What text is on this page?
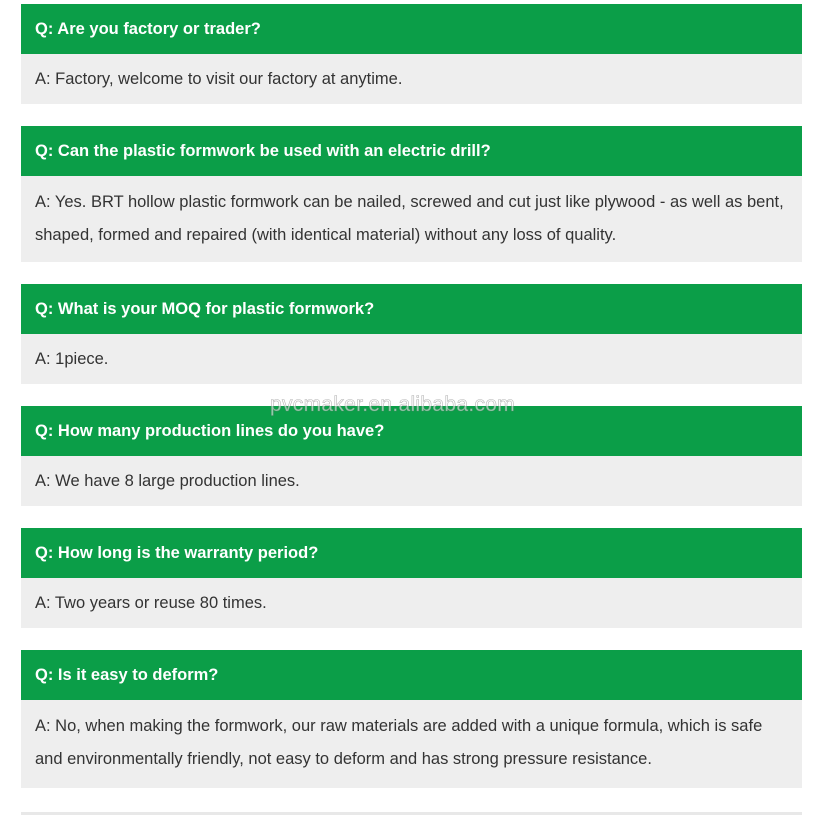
Q: Are you factory or trader?
A: Factory, welcome to visit our factory at anytime.
Q: Can the plastic formwork be used with an electric drill?
A: Yes. BRT hollow plastic formwork can be nailed, screwed and cut just like plywood - as well as bent, shaped, formed and repaired (with identical material) without any loss of quality.
Q: What is your MOQ for plastic formwork?
A: 1piece.
Q: How many production lines do you have?
A: We have 8 large production lines.
Q: How long is the warranty period?
A: Two years or reuse 80 times.
Q: Is it easy to deform?
A: No, when making the formwork, our raw materials are added with a unique formula, which is safe and environmentally friendly, not easy to deform and has strong pressure resistance.
pvcmaker.en.alibaba.com
